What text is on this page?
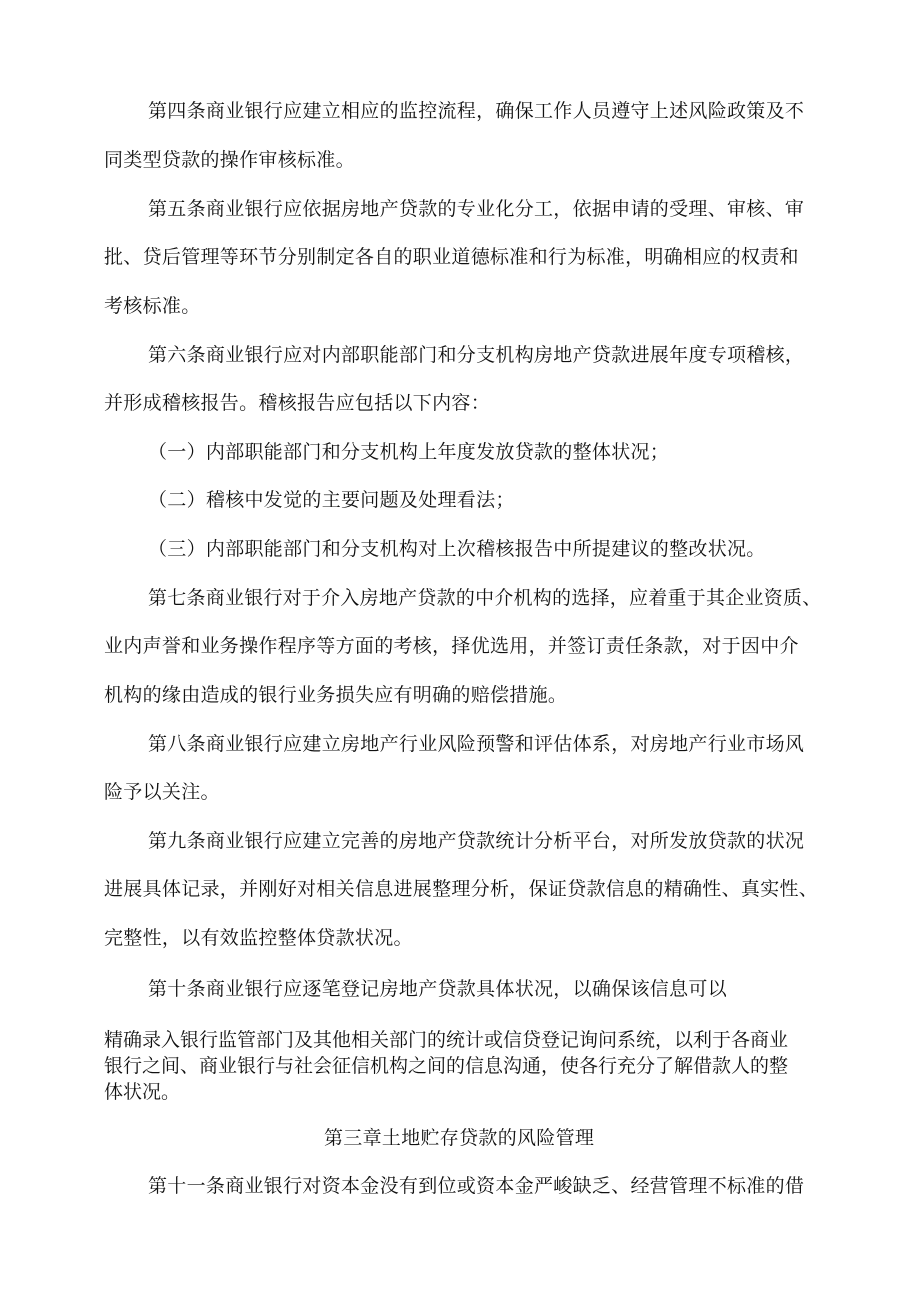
第四条商业银行应建立相应的监控流程，确保工作人员遵守上述风险政策及不
同类型贷款的操作审核标准。
第五条商业银行应依据房地产贷款的专业化分工，依据申请的受理、审核、审
批、贷后管理等环节分别制定各自的职业道德标准和行为标准，明确相应的权责和
考核标准。
第六条商业银行应对内部职能部门和分支机构房地产贷款进展年度专项稽核，
并形成稽核报告。稽核报告应包括以下内容：
（一）内部职能部门和分支机构上年度发放贷款的整体状况；
（二）稽核中发觉的主要问题及处理看法；
（三）内部职能部门和分支机构对上次稽核报告中所提建议的整改状况。
第七条商业银行对于介入房地产贷款的中介机构的选择，应着重于其企业资质、
业内声誉和业务操作程序等方面的考核，择优选用，并签订责任条款，对于因中介
机构的缘由造成的银行业务损失应有明确的赔偿措施。
第八条商业银行应建立房地产行业风险预警和评估体系，对房地产行业市场风
险予以关注。
第九条商业银行应建立完善的房地产贷款统计分析平台，对所发放贷款的状况
进展具体记录，并刚好对相关信息进展整理分析，保证贷款信息的精确性、真实性、
完整性，以有效监控整体贷款状况。
第十条商业银行应逐笔登记房地产贷款具体状况，以确保该信息可以
精确录入银行监管部门及其他相关部门的统计或信贷登记询问系统，以利于各商业
银行之间、商业银行与社会征信机构之间的信息沟通，使各行充分了解借款人的整
体状况。
第三章土地贮存贷款的风险管理
第十一条商业银行对资本金没有到位或资本金严峻缺乏、经营管理不标准的借
